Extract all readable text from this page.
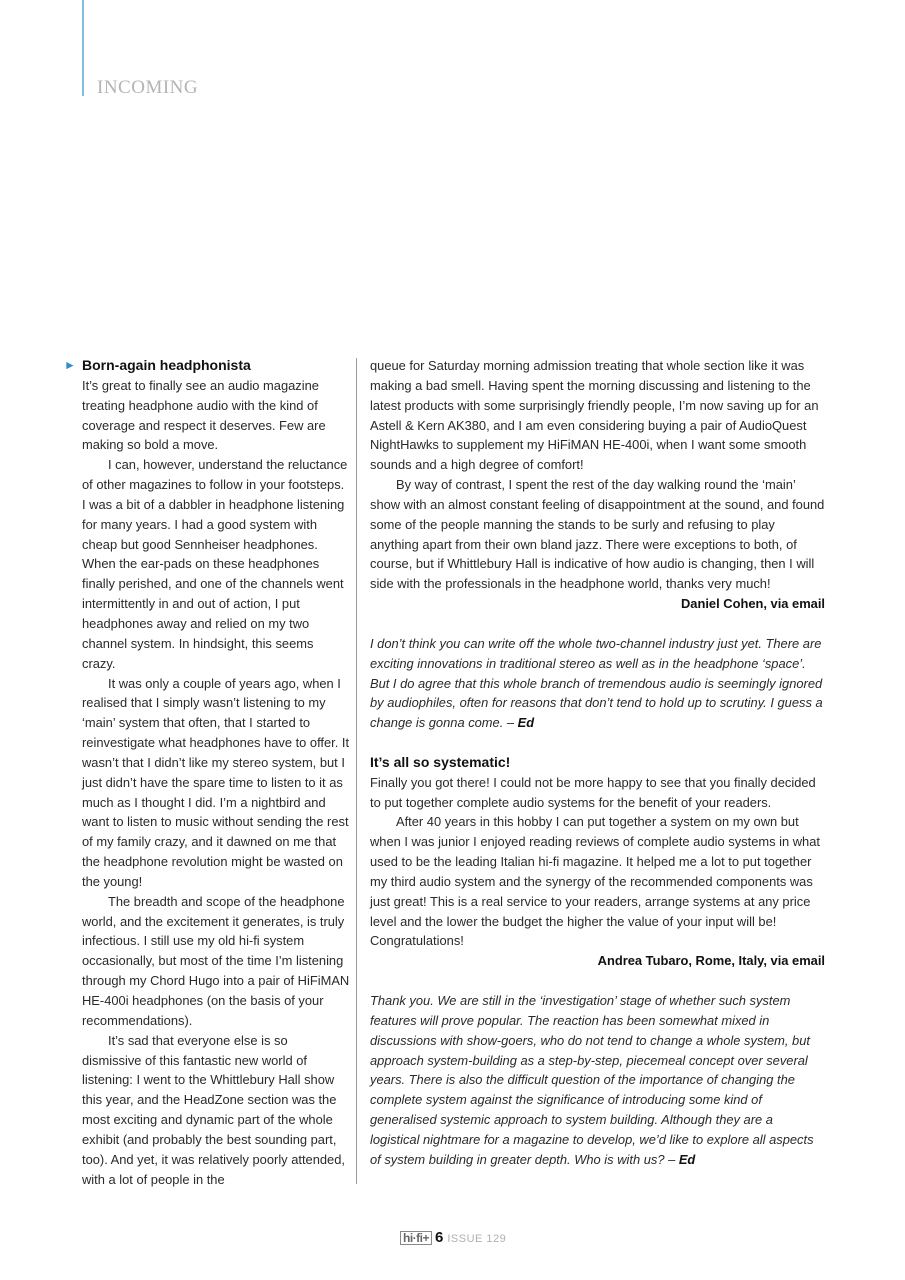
INCOMING
► Born-again headphonista

It’s great to finally see an audio magazine treating headphone audio with the kind of coverage and respect it deserves. Few are making so bold a move.

I can, however, understand the reluctance of other magazines to follow in your footsteps. I was a bit of a dabbler in headphone listening for many years. I had a good system with cheap but good Sennheiser headphones. When the ear-pads on these headphones finally perished, and one of the channels went intermittently in and out of action, I put headphones away and relied on my two channel system. In hindsight, this seems crazy.

It was only a couple of years ago, when I realised that I simply wasn’t listening to my ‘main’ system that often, that I started to reinvestigate what headphones have to offer. It wasn’t that I didn’t like my stereo system, but I just didn’t have the spare time to listen to it as much as I thought I did. I’m a nightbird and want to listen to music without sending the rest of my family crazy, and it dawned on me that the headphone revolution might be wasted on the young!

The breadth and scope of the headphone world, and the excitement it generates, is truly infectious. I still use my old hi-fi system occasionally, but most of the time I’m listening through my Chord Hugo into a pair of HiFiMAN HE-400i headphones (on the basis of your recommendations).

It’s sad that everyone else is so dismissive of this fantastic new world of listening: I went to the Whittlebury Hall show this year, and the HeadZone section was the most exciting and dynamic part of the whole exhibit (and probably the best sounding part, too). And yet, it was relatively poorly attended, with a lot of people in the

queue for Saturday morning admission treating that whole section like it was making a bad smell. Having spent the morning discussing and listening to the latest products with some surprisingly friendly people, I’m now saving up for an Astell & Kern AK380, and I am even considering buying a pair of AudioQuest NightHawks to supplement my HiFiMAN HE-400i, when I want some smooth sounds and a high degree of comfort!

By way of contrast, I spent the rest of the day walking round the ‘main’ show with an almost constant feeling of disappointment at the sound, and found some of the people manning the stands to be surly and refusing to play anything apart from their own bland jazz. There were exceptions to both, of course, but if Whittlebury Hall is indicative of how audio is changing, then I will side with the professionals in the headphone world, thanks very much!

Daniel Cohen, via email

I don’t think you can write off the whole two-channel industry just yet. There are exciting innovations in traditional stereo as well as in the headphone ‘space’. But I do agree that this whole branch of tremendous audio is seemingly ignored by audiophiles, often for reasons that don’t tend to hold up to scrutiny. I guess a change is gonna come. – Ed

It’s all so systematic!

Finally you got there! I could not be more happy to see that you finally decided to put together complete audio systems for the benefit of your readers.

After 40 years in this hobby I can put together a system on my own but when I was junior I enjoyed reading reviews of complete audio systems in what used to be the leading Italian hi-fi magazine. It helped me a lot to put together my third audio system and the synergy of the recommended components was just great! This is a real service to your readers, arrange systems at any price level and the lower the budget the higher the value of your input will be! Congratulations!

Andrea Tubaro, Rome, Italy, via email

Thank you. We are still in the ‘investigation’ stage of whether such system features will prove popular. The reaction has been somewhat mixed in discussions with show-goers, who do not tend to change a whole system, but approach system-building as a step-by-step, piecemeal concept over several years. There is also the difficult question of the importance of changing the complete system against the significance of introducing some kind of generalised systemic approach to system building. Although they are a logistical nightmare for a magazine to develop, we’d like to explore all aspects of system building in greater depth. Who is with us? – Ed

hi·fi+ 6 ISSUE 129
